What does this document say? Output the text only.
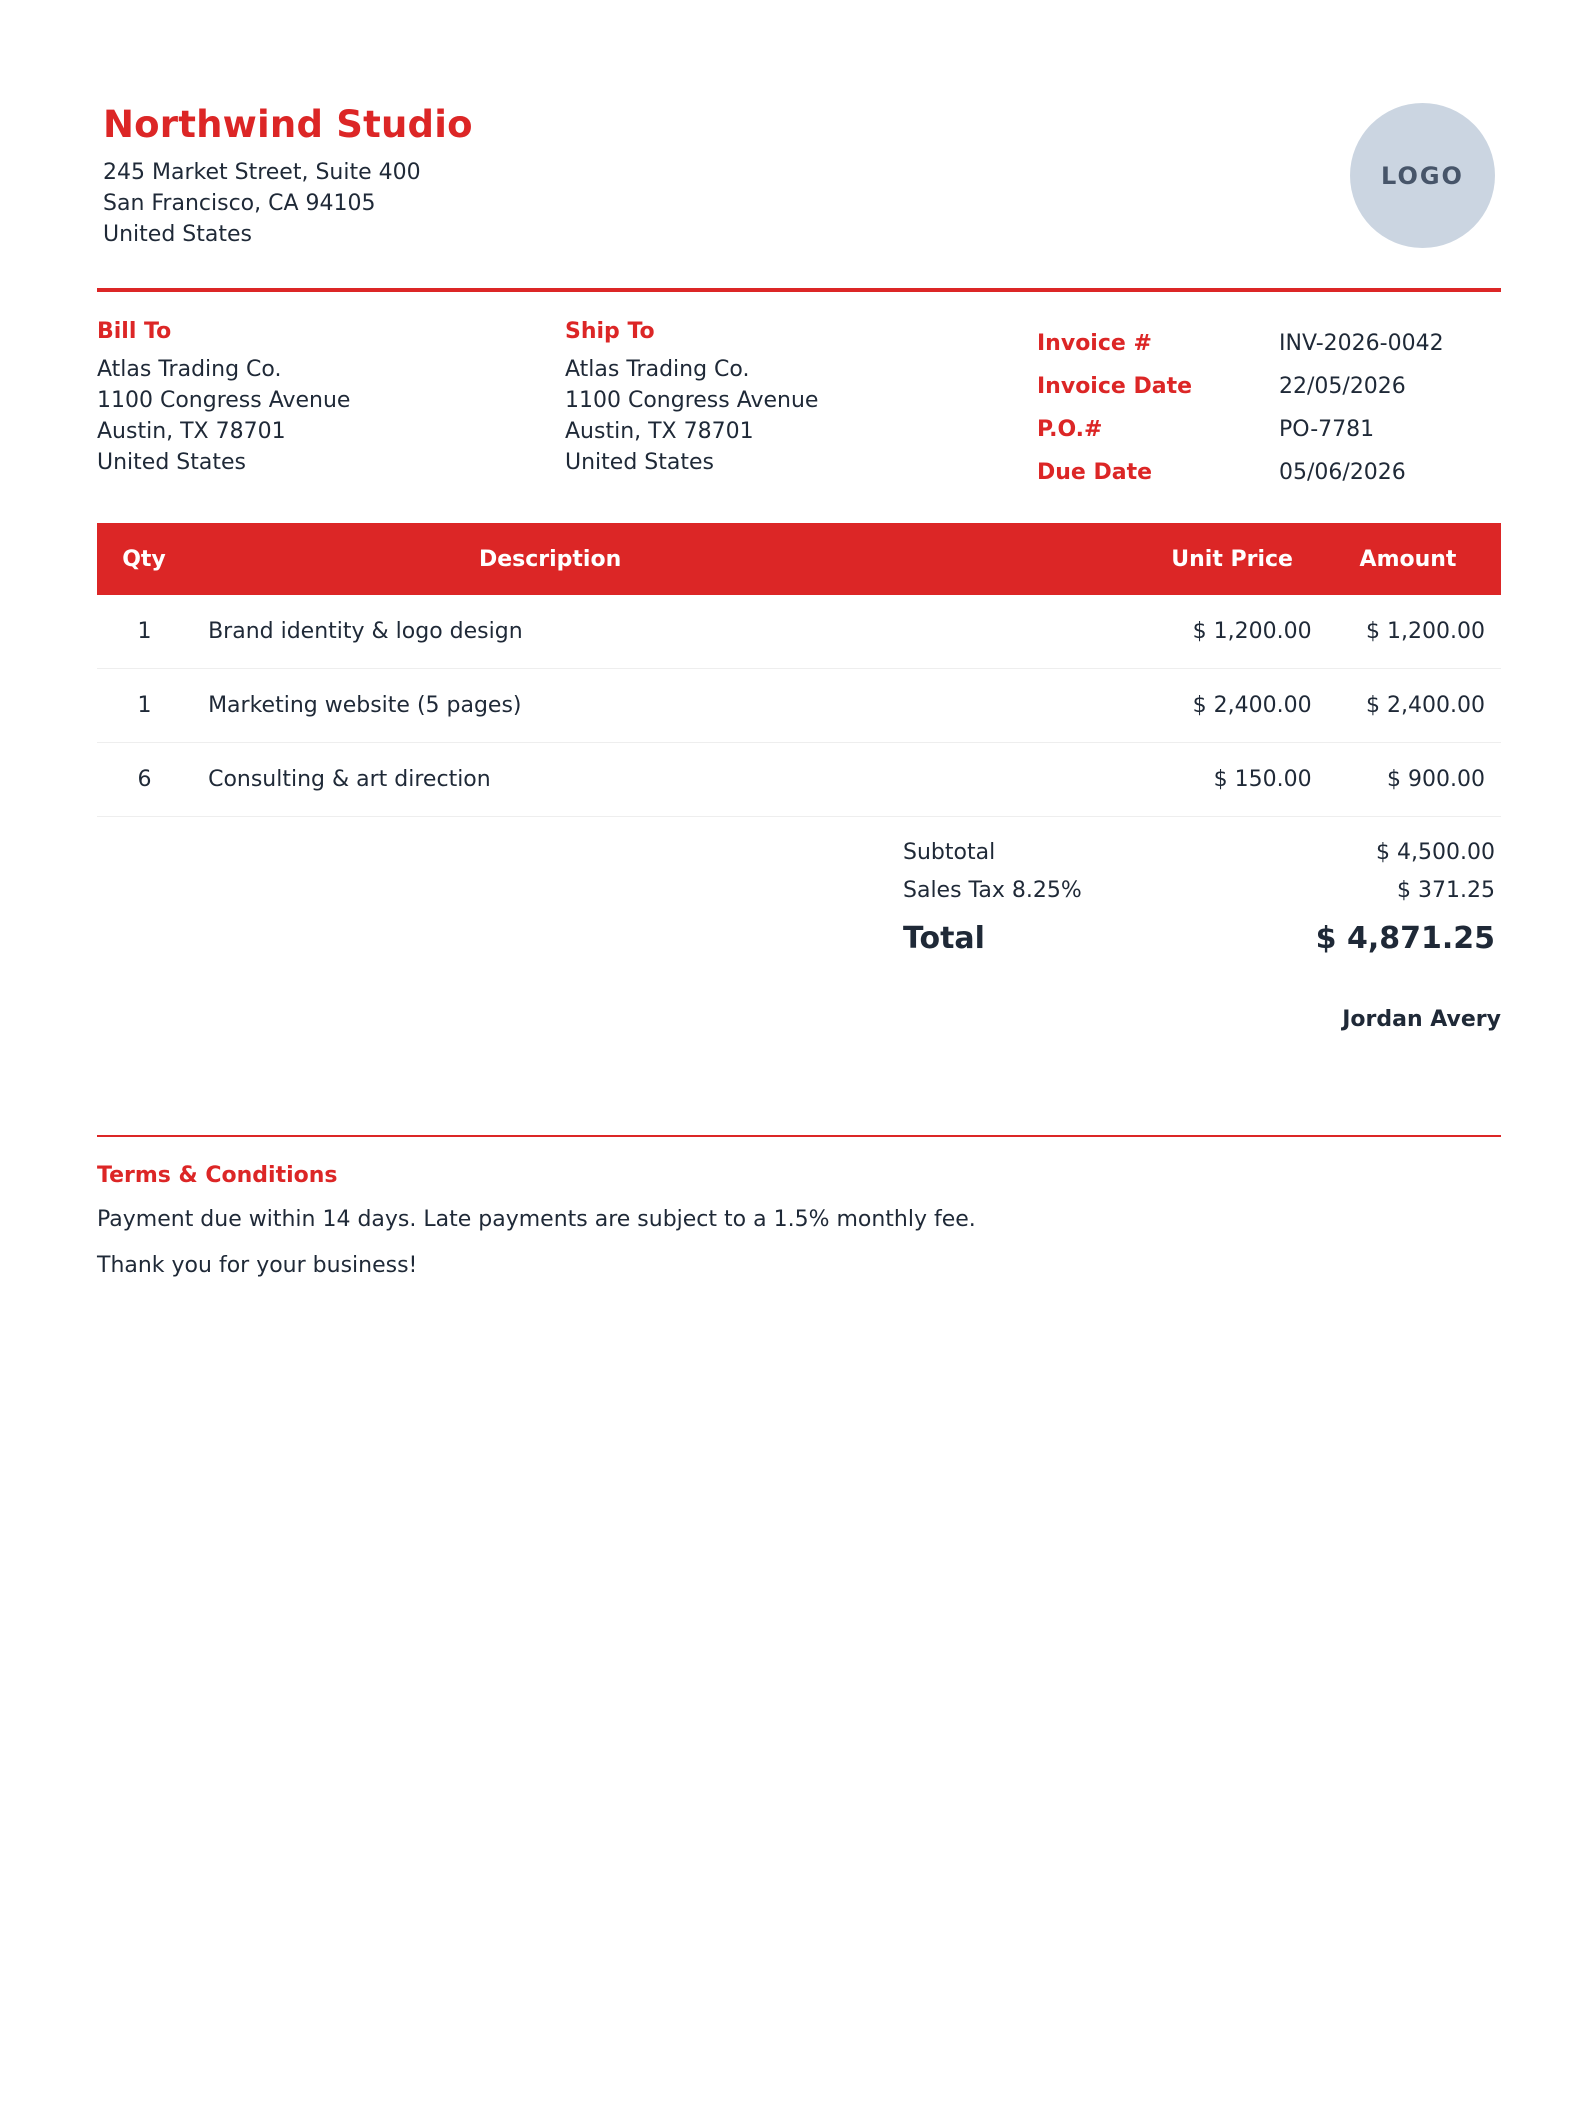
Northwind Studio
245 Market Street, Suite 400
San Francisco, CA 94105
United States
LOGO
Bill To
Atlas Trading Co.
1100 Congress Avenue
Austin, TX 78701
United States
Ship To
Atlas Trading Co.
1100 Congress Avenue
Austin, TX 78701
United States
Invoice #	INV-2026-0042
Invoice Date	22/05/2026
P.O.#	PO-7781
Due Date	05/06/2026
Qty	Description	Unit Price	Amount
1	Brand identity & logo design	$ 1,200.00	$ 1,200.00
1	Marketing website (5 pages)	$ 2,400.00	$ 2,400.00
6	Consulting & art direction	$ 150.00	$ 900.00
Subtotal	$ 4,500.00
Sales Tax 8.25%	$ 371.25
Total	$ 4,871.25
Jordan Avery
Terms & Conditions
Payment due within 14 days. Late payments are subject to a 1.5% monthly fee.
Thank you for your business!
